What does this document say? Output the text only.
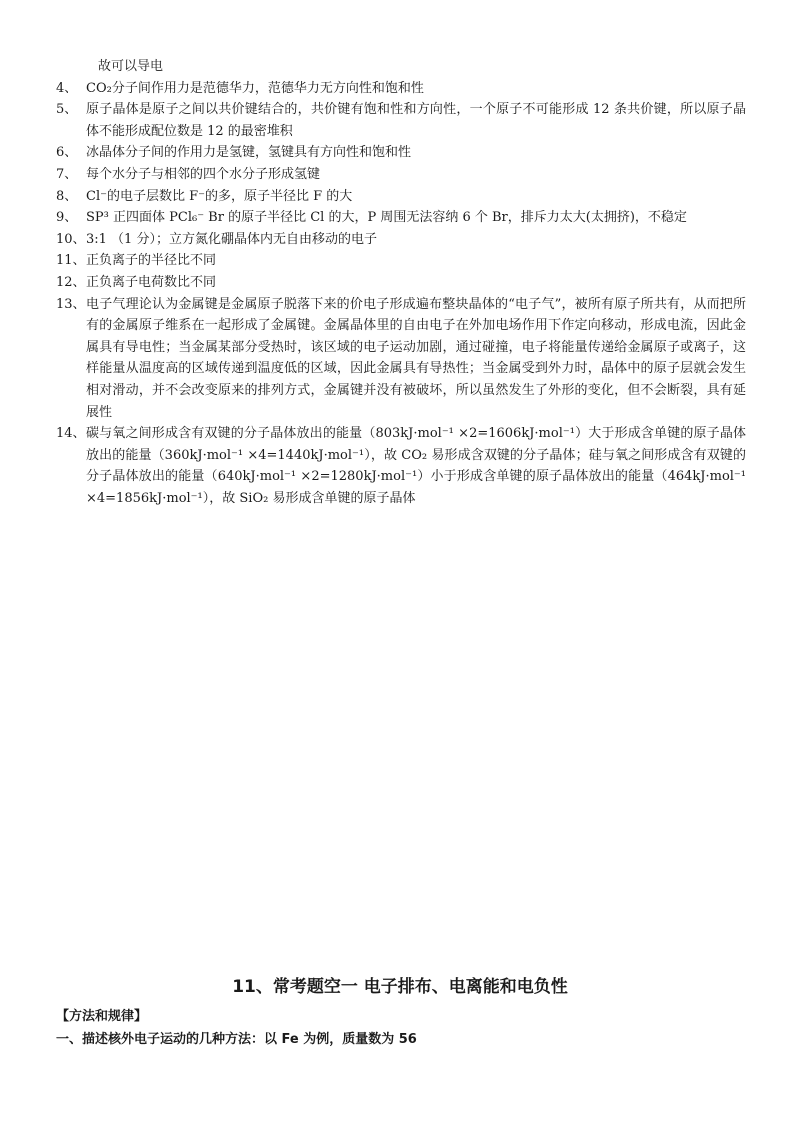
故可以导电
4、 CO₂分子间作用力是范德华力，范德华力无方向性和饱和性
5、 原子晶体是原子之间以共价键结合的，共价键有饱和性和方向性，一个原子不可能形成 12 条共价键，所以原子晶体不能形成配位数是 12 的最密堆积
6、 冰晶体分子间的作用力是氢键，氢键具有方向性和饱和性
7、 每个水分子与相邻的四个水分子形成氢键
8、 Cl⁻的电子层数比 F⁻的多，原子半径比 F 的大
9、 SP³ 正四面体 PCl₆⁻ Br 的原子半径比 Cl 的大，P 周围无法容纳 6 个 Br，排斥力太大(太拥挤)，不稳定
10、 3:1 （1 分）；立方氮化硼晶体内无自由移动的电子
11、 正负离子的半径比不同
12、 正负离子电荷数比不同
13、 电子气理论认为金属键是金属原子脱落下来的价电子形成遍布整块晶体的“电子气”，被所有原子所共有，从而把所有的金属原子维系在一起形成了金属键。金属晶体里的自由电子在外加电场作用下作定向移动，形成电流，因此金属具有导电性；当金属某部分受热时，该区域的电子运动加剧，通过碰撞，电子将能量传递给金属原子或离子，这样能量从温度高的区域传递到温度低的区域，因此金属具有导热性；当金属受到外力时，晶体中的原子层就会发生相对滑动，并不会改变原来的排列方式，金属键并没有被破坏，所以虽然发生了外形的变化，但不会断裂，具有延展性
14、 碳与氧之间形成含有双键的分子晶体放出的能量（803kJ·mol⁻¹ ×2=1606kJ·mol⁻¹）大于形成含单键的原子晶体放出的能量（360kJ·mol⁻¹ ×4=1440kJ·mol⁻¹），故 CO₂ 易形成含双键的分子晶体；硅与氧之间形成含有双键的分子晶体放出的能量（640kJ·mol⁻¹ ×2=1280kJ·mol⁻¹）小于形成含单键的原子晶体放出的能量（464kJ·mol⁻¹ ×4=1856kJ·mol⁻¹），故 SiO₂ 易形成含单键的原子晶体
11、常考题空一 电子排布、电离能和电负性
【方法和规律】
一、描述核外电子运动的几种方法：以 Fe 为例，质量数为 56
